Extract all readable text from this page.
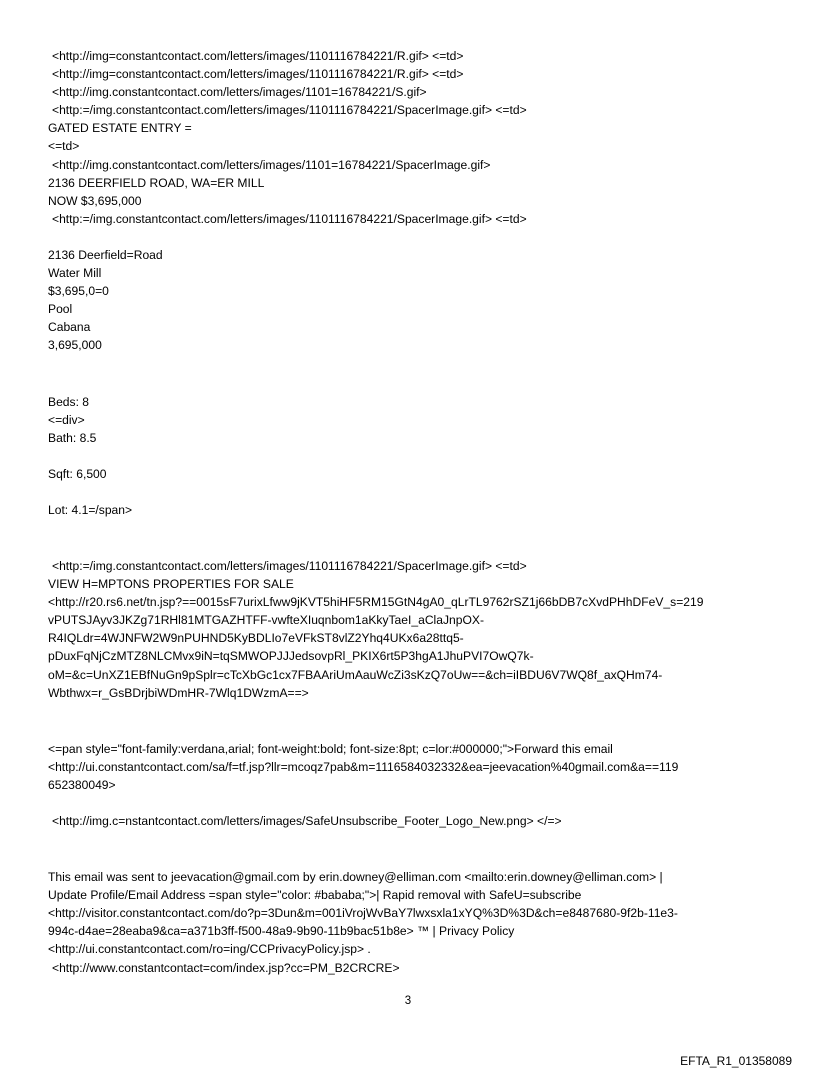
<http://img=constantcontact.com/letters/images/1101116784221/R.gif> <=td>
<http://img=constantcontact.com/letters/images/1101116784221/R.gif> <=td>
<http://img.constantcontact.com/letters/images/1101=16784221/S.gif>
<http:=/img.constantcontact.com/letters/images/1101116784221/SpacerImage.gif> <=td>
GATED ESTATE ENTRY =
<=td>
<http://img.constantcontact.com/letters/images/1101=16784221/SpacerImage.gif>
2136 DEERFIELD ROAD, WA=ER MILL
NOW $3,695,000
<http:=/img.constantcontact.com/letters/images/1101116784221/SpacerImage.gif> <=td>
2136 Deerfield=Road
Water Mill
$3,695,0=0
Pool
Cabana
3,695,000
Beds: 8
<=div>
Bath: 8.5
Sqft: 6,500
Lot: 4.1=/span>
<http:=/img.constantcontact.com/letters/images/1101116784221/SpacerImage.gif> <=td>
VIEW H=MPTONS PROPERTIES FOR SALE
<http://r20.rs6.net/tn.jsp?==0015sF7urixLfww9jKVT5hiHF5RM15GtN4gA0_qLrTL9762rSZ1j66bDB7cXvdPHhDFeV_s=219
vPUTSJAyv3JKZg71RHl81MTGAZHTFF-vwfteXIuqnbom1aKkyTaeI_aClaJnpOX-
R4IQLdr=4WJNFW2W9nPUHND5KyBDLIo7eVFkST8vlZ2Yhq4UKx6a28ttq5-
pDuxFqNjCzMTZ8NLCMvx9iN=tqSMWOPJJJedsovpRl_PKIX6rt5P3hgA1JhuPVI7OwQ7k-
oM=&c=UnXZ1EBfNuGn9pSplr=cTcXbGc1cx7FBAAriUmAauWcZi3sKzQ7oUw==&ch=iIBDU6V7WQ8f_axQHm74-
Wbthwx=r_GsBDrjbiWDmHR-7Wlq1DWzmA==>
<=pan style="font-family:verdana,arial; font-weight:bold; font-size:8pt; c=lor:#000000;">Forward this email
<http://ui.constantcontact.com/sa/f=tf.jsp?llr=mcoqz7pab&m=1116584032332&ea=jeevacation%40gmail.com&a==119
652380049>
<http://img.c=nstantcontact.com/letters/images/SafeUnsubscribe_Footer_Logo_New.png> </=>
This email was sent to jeevacation@gmail.com by erin.downey@elliman.com <mailto:erin.downey@elliman.com> |
Update Profile/Email Address =span style="color: #bababa;">| Rapid removal with SafeU=subscribe
<http://visitor.constantcontact.com/do?p=3Dun&m=001iVrojWvBaY7lwxsxla1xYQ%3D%3D&ch=e8487680-9f2b-11e3-
994c-d4ae=28eaba9&ca=a371b3ff-f500-48a9-9b90-11b9bac51b8e> ™ | Privacy Policy
<http://ui.constantcontact.com/ro=ing/CCPrivacyPolicy.jsp> .
<http://www.constantcontact=com/index.jsp?cc=PM_B2CRCRE>
3
EFTA_R1_01358089
